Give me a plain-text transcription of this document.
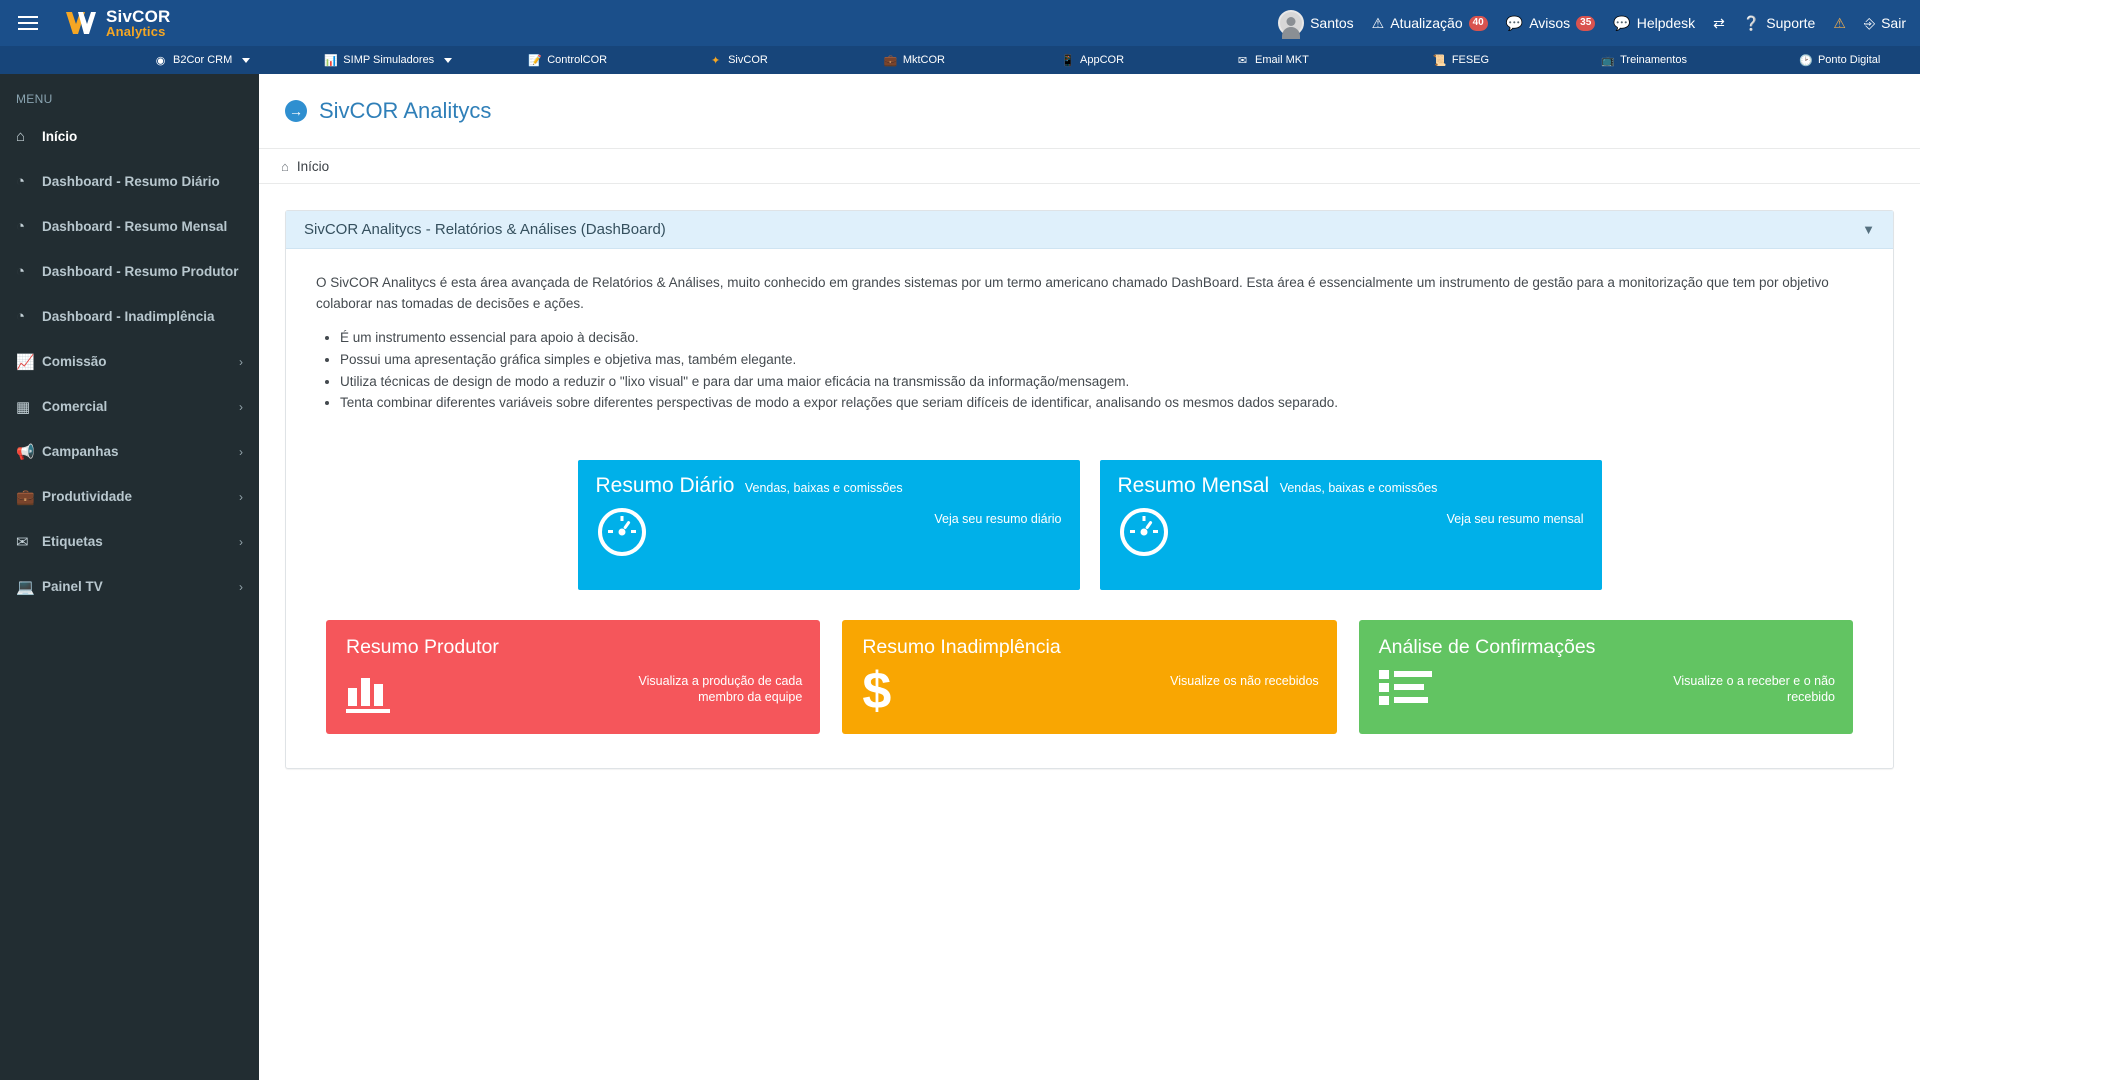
SivCOR
Analytics
Santos ⚠ Atualização	40 💬 Avisos	35 💬 Helpdesk ⇄ ❔ Suporte ⚠ ⎆ Sair
◉ B2Cor CRM	📊 SIMP Simuladores	📝 ControlCOR	✦ SivCOR	💼 MktCOR	📱 AppCOR	✉ Email MKT	📜 FESEG	📺 Treinamentos	🕑 Ponto Digital	⚙ Painel do Cliente
MENU
⌂	Início
◔	Dashboard - Resumo Diário
◔	Dashboard - Resumo Mensal
◔	Dashboard - Resumo Produtor
◔	Dashboard - Inadimplência
📈 Comissão	›
▦ Comercial	›
📢 Campanhas	›
💼 Produtividade	›
✉ Etiquetas	›
💻 Painel TV	›
→ SivCOR Analitycs
⌂ Início
SivCOR Analitycs - Relatórios & Análises (DashBoard)	▼

O SivCOR Analitycs é esta área avançada de Relatórios & Análises, muito conhecido em grandes sistemas por um termo americano chamado DashBoard. Esta área é essencialmente um instrumento de gestão para a monitorização que tem por objetivo colaborar nas tomadas de decisões e ações.

• É um instrumento essencial para apoio à decisão.
• Possui uma apresentação gráfica simples e objetiva mas, também elegante.
• Utiliza técnicas de design de modo a reduzir o "lixo visual" e para dar uma maior eficácia na transmissão da informação/mensagem.
• Tenta combinar diferentes variáveis sobre diferentes perspectivas de modo a expor relações que seriam difíceis de identificar, analisando os mesmos dados separado.
Resumo Diário Vendas, baixas e comissões
Veja seu resumo diário
Resumo Mensal Vendas, baixas e comissões
Veja seu resumo mensal
Resumo Produtor
Visualiza a produção de cada membro da equipe
Resumo Inadimplência
$	Visualize os não recebidos
Análise de Confirmações
Visualize o a receber e o não recebido
